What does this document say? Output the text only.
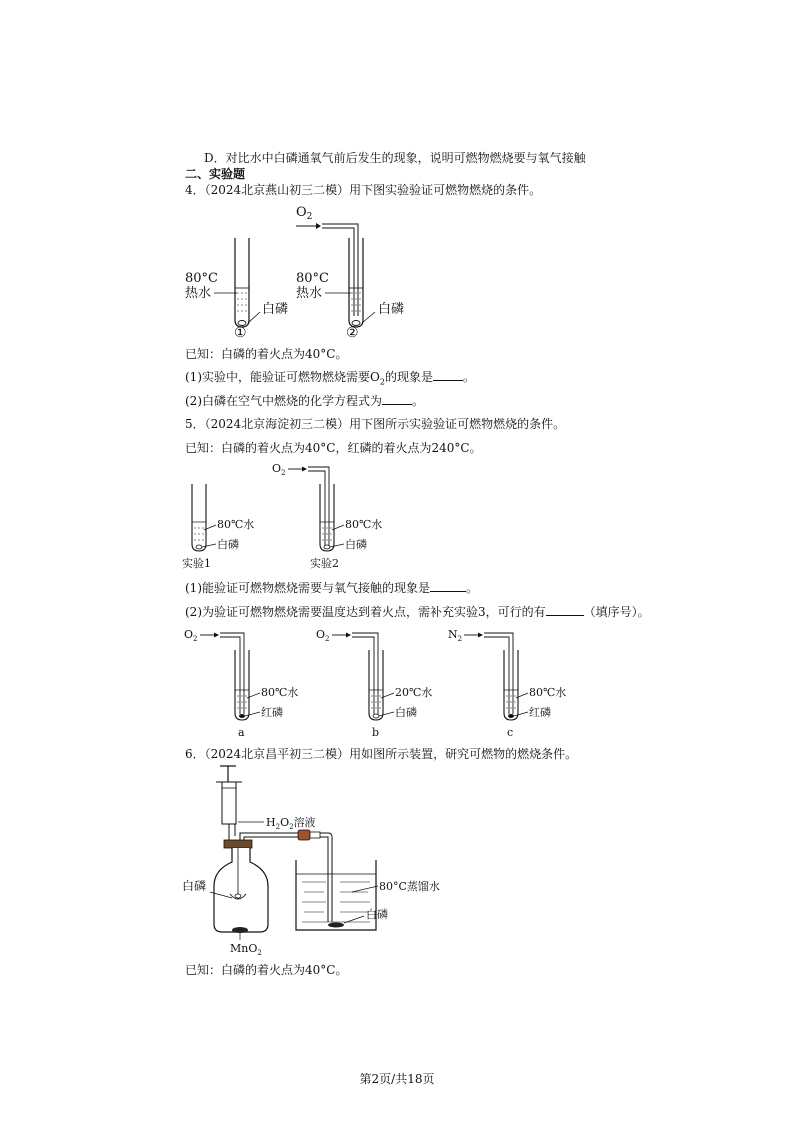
D．对比水中白磷通氧气前后发生的现象，说明可燃物燃烧要与氧气接触
二、实验题
4．（2024北京燕山初三二模）用下图实验验证可燃物燃烧的条件。
80°C
热水
白磷
①
$O_2$
80°C
热水
白磷
②
已知：白磷的着火点为40°C。
(1)实验中，能验证可燃物燃烧需要$O_2$的现象是	。
(2)白磷在空气中燃烧的化学方程式为	。
5．（2024北京海淀初三二模）用下图所示实验验证可燃物燃烧的条件。
已知：白磷的着火点为40°C，红磷的着火点为240°C。
80℃水
白磷
实验1
$O_2$
80℃水
白磷
实验2
(1)能验证可燃物燃烧需要与氧气接触的现象是	。
(2)为验证可燃物燃烧需要温度达到着火点，需补充实验3，可行的有	（填序号）。
$O_2$
80℃水
红磷
a
$O_2$
20℃水
白磷
b
$N_2$
80℃水
红磷
c
6．（2024北京昌平初三二模）用如图所示装置，研究可燃物的燃烧条件。
$H_2O_2$溶液
白磷
MnO$_2$
80°C蒸馏水
白磷
已知：白磷的着火点为40°C。
第2页/共18页
